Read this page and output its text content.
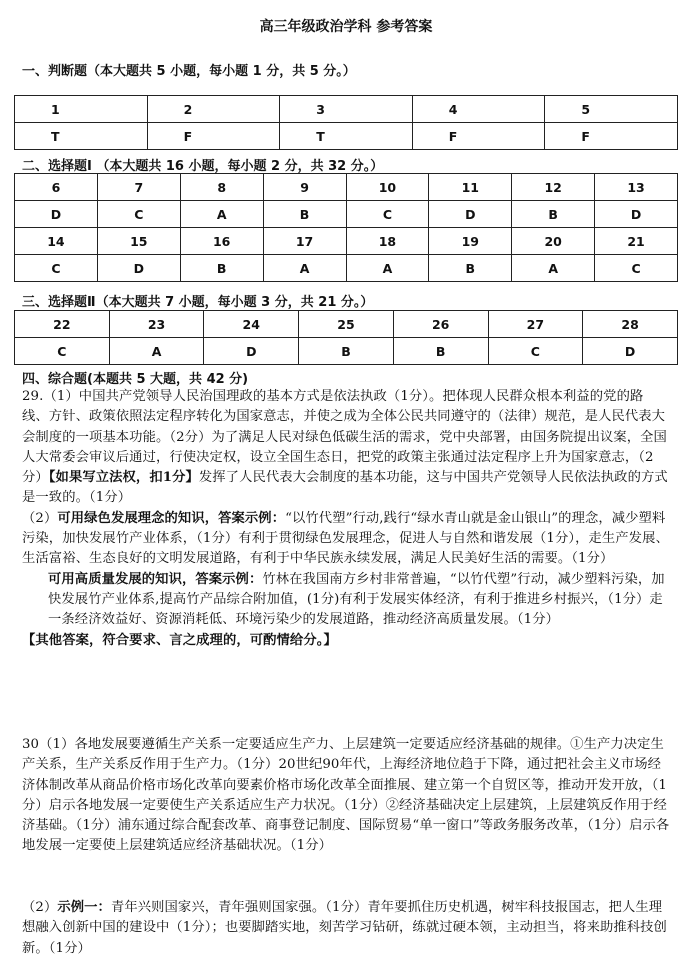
高三年级政治学科 参考答案
一、判断题（本大题共 5 小题，每小题 1 分，共 5 分。）
1	2	3	4	5
T	F	T	F	F
二、选择题Ⅰ （本大题共 16 小题，每小题 2 分，共 32 分。）
6	7	8	9	10	11	12	13
D	C	A	B	C	D	B	D
14	15	16	17	18	19	20	21
C	D	B	A	A	B	A	C
三、选择题Ⅱ（本大题共 7 小题，每小题 3 分，共 21 分。）
22	23	24	25	26	27	28
C	A	D	B	B	C	D
四、综合题(本题共 5 大题，共 42 分)
29.（1）中国共产党领导人民治国理政的基本方式是依法执政（1分）。把体现人民群众根本利益的党的路线、方针、政策依照法定程序转化为国家意志，并使之成为全体公民共同遵守的（法律）规范，是人民代表大会制度的一项基本功能。（2分）为了满足人民对绿色低碳生活的需求，党中央部署，由国务院提出议案，全国人大常委会审议后通过，行使决定权，设立全国生态日，把党的政策主张通过法定程序上升为国家意志，（2分）【如果写立法权，扣1分】发挥了人民代表大会制度的基本功能，这与中国共产党领导人民依法执政的方式是一致的。（1分）
（2）可用绿色发展理念的知识，答案示例：“以竹代塑”行动,践行“绿水青山就是金山银山”的理念，减少塑料污染，加快发展竹产业体系，（1分）有利于贯彻绿色发展理念，促进人与自然和谐发展（1分），走生产发展、生活富裕、生态良好的文明发展道路，有利于中华民族永续发展，满足人民美好生活的需要。（1分）
可用高质量发展的知识，答案示例：竹林在我国南方乡村非常普遍，“以竹代塑”行动，减少塑料污染，加快发展竹产业体系,提高竹产品综合附加值，(1分)有利于发展实体经济，有利于推进乡村振兴，（1分）走一条经济效益好、资源消耗低、环境污染少的发展道路，推动经济高质量发展。（1分）
【其他答案，符合要求、言之成理的，可酌情给分。】
30（1）各地发展要遵循生产关系一定要适应生产力、上层建筑一定要适应经济基础的规律。①生产力决定生产关系，生产关系反作用于生产力。（1分）20世纪90年代，上海经济地位趋于下降，通过把社会主义市场经济体制改革从商品价格市场化改革向要素价格市场化改革全面推展、建立第一个自贸区等，推动开发开放，（1分）启示各地发展一定要使生产关系适应生产力状况。（1分）②经济基础决定上层建筑，上层建筑反作用于经济基础。（1分）浦东通过综合配套改革、商事登记制度、国际贸易“单一窗口”等政务服务改革，（1分）启示各地发展一定要使上层建筑适应经济基础状况。（1分）
（2）示例一：青年兴则国家兴，青年强则国家强。（1分）青年要抓住历史机遇，树牢科技报国志，把人生理想融入创新中国的建设中（1分）；也要脚踏实地，刻苦学习钻研，练就过硬本领，主动担当，将来助推科技创新。（1分）
